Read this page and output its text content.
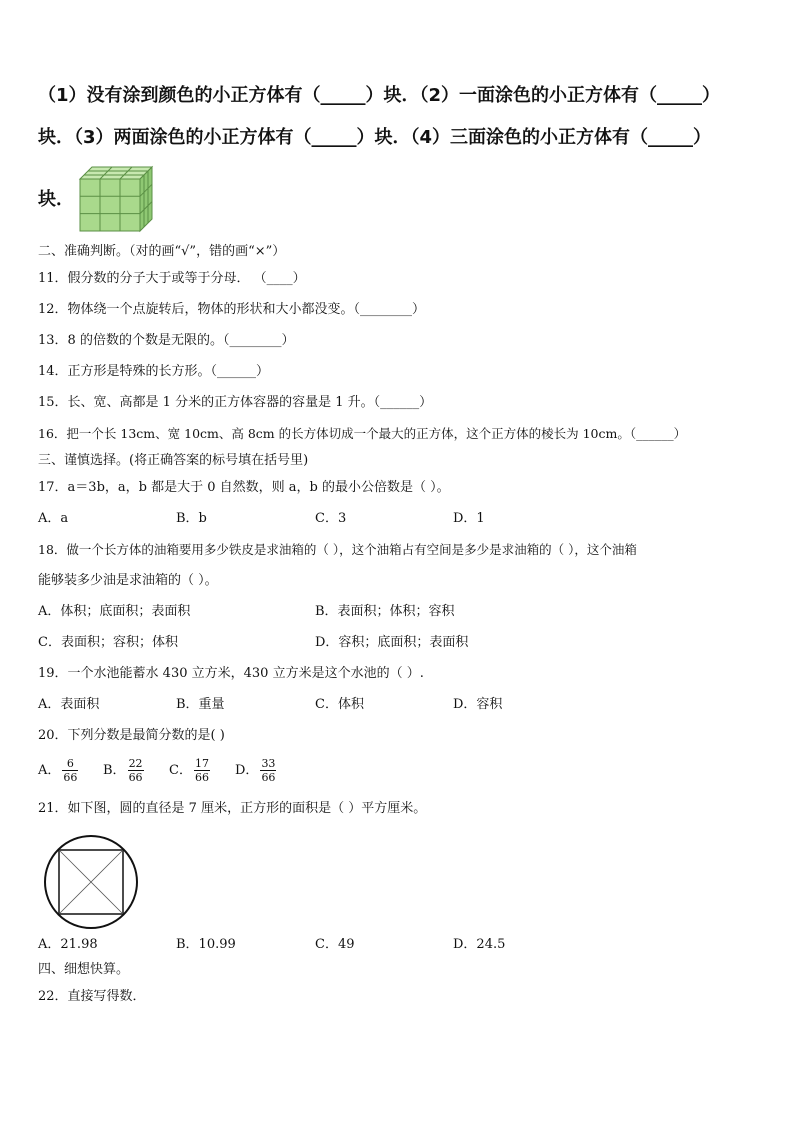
（1）没有涂到颜色的小正方体有（_____）块．（2）一面涂色的小正方体有（_____）
块．（3）两面涂色的小正方体有（_____）块．（4）三面涂色的小正方体有（_____）
块．
二、准确判断。（对的画“√”，错的画“×”）
11．假分数的分子大于或等于分母． （____）
12．物体绕一个点旋转后，物体的形状和大小都没变。（________）
13．8 的倍数的个数是无限的。（________）
14．正方形是特殊的长方形。（______）
15．长、宽、高都是 1 分米的正方体容器的容量是 1 升。（______）
16．把一个长 13cm、宽 10cm、高 8cm 的长方体切成一个最大的正方体，这个正方体的棱长为 10cm。（______）
三、谨慎选择。(将正确答案的标号填在括号里)
17．a＝3b，a，b 都是大于 0 自然数，则 a，b 的最小公倍数是（ ）。
A．a	B．b	C．3	D．1
18．做一个长方体的油箱要用多少铁皮是求油箱的（ ），这个油箱占有空间是多少是求油箱的（ ），这个油箱
能够装多少油是求油箱的（ ）。
A．体积；底面积；表面积	B．表面积；体积；容积
C．表面积；容积；体积	D．容积；底面积；表面积
19．一个水池能蓄水 430 立方米，430 立方米是这个水池的（ ）.
A．表面积	B．重量	C．体积	D．容积
20．下列分数是最简分数的是( )
A． $\frac{6}{66}$ B． $\frac{22}{66}$ C． $\frac{17}{66}$ D． $\frac{33}{66}$
21．如下图，圆的直径是 7 厘米，正方形的面积是（ ）平方厘米。
A．21.98	B．10.99	C．49	D．24.5
四、细想快算。
22．直接写得数．
